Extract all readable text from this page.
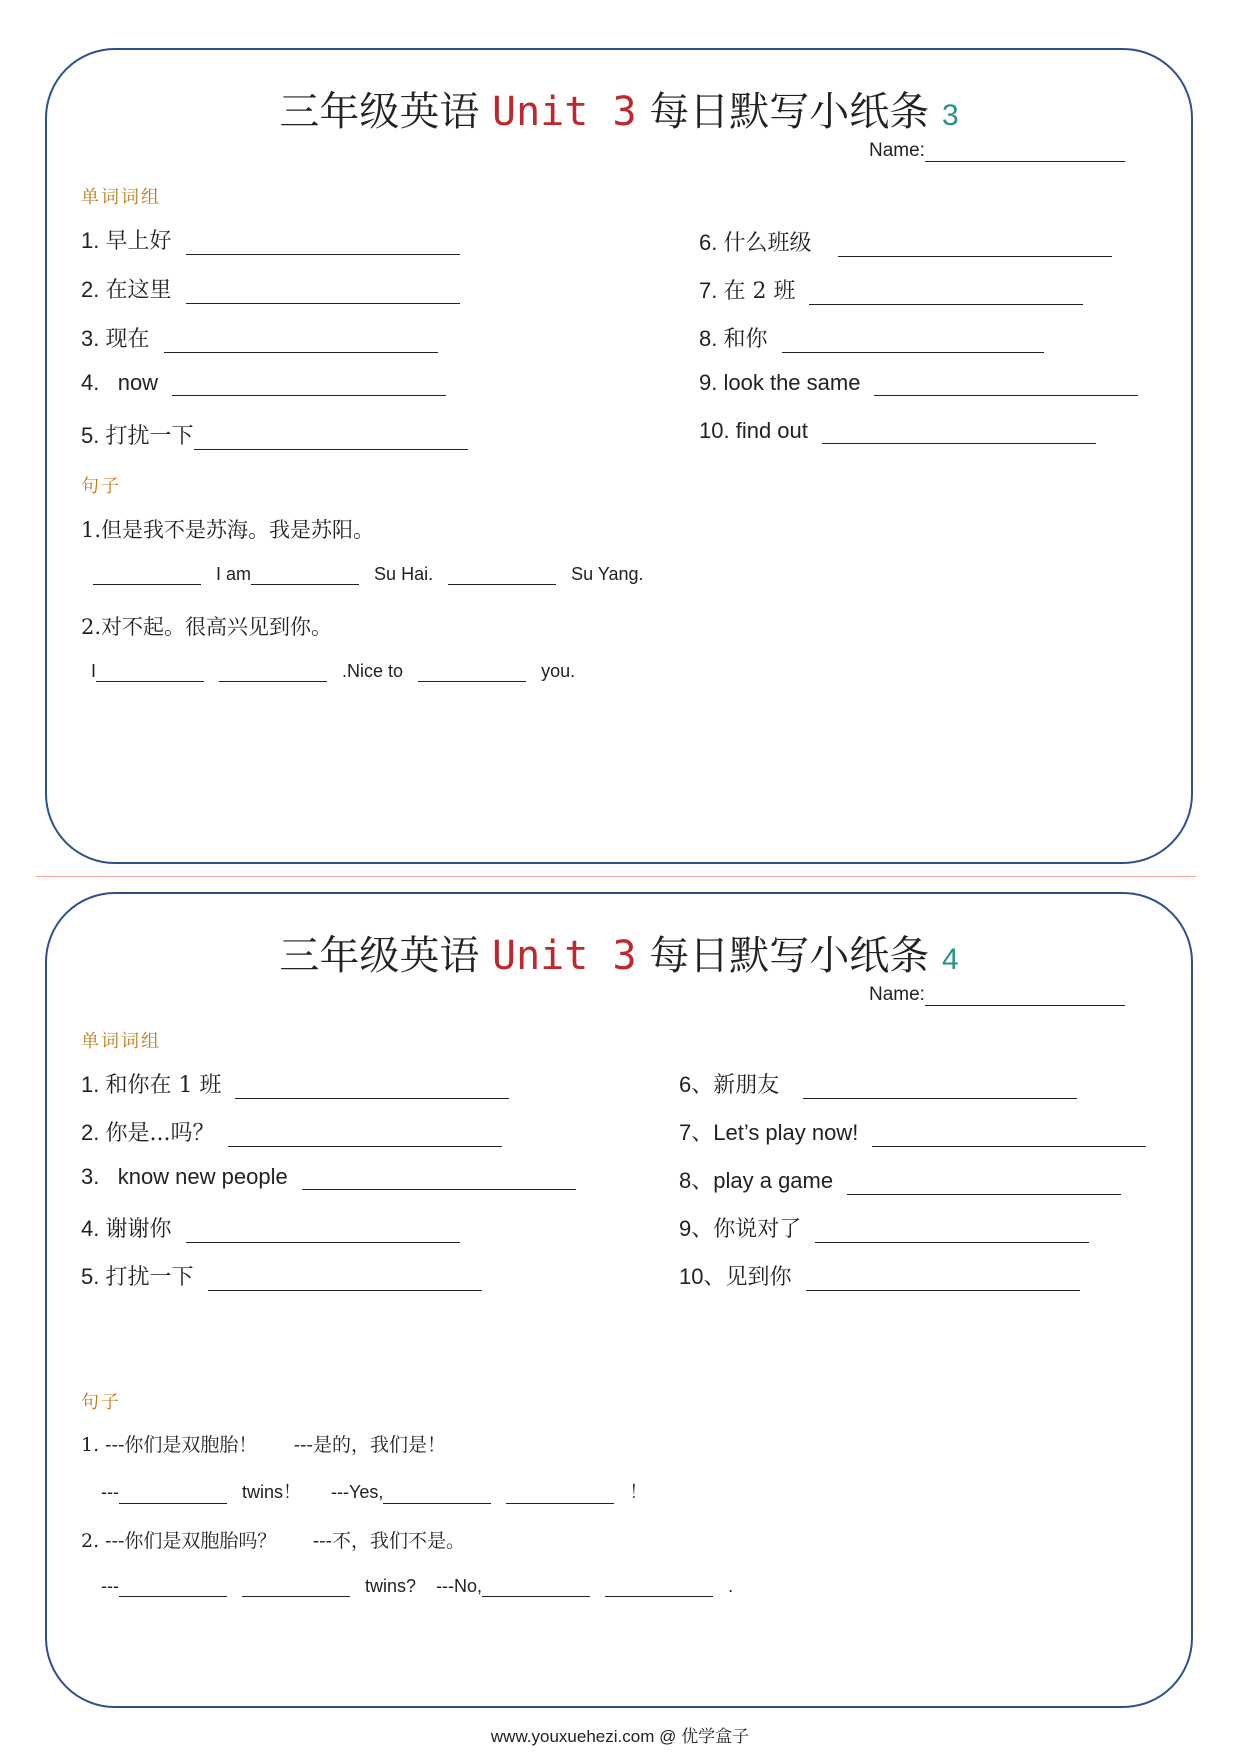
三年级英语 Unit 3 每日默写小纸条 3
Name:
单词词组
1. 早上好
2. 在这里
3. 现在
4. now
5. 打扰一下
6. 什么班级
7. 在 2 班
8. 和你
9. look the same
10. find out
句子
1.但是我不是苏海。我是苏阳。
I am	Su Hai.	Su Yang.
2.对不起。很高兴见到你。
I	.Nice to	you.
三年级英语 Unit 3 每日默写小纸条 4
Name:
单词词组
1. 和你在 1 班
2. 你是...吗？
3. know new people
4. 谢谢你
5. 打扰一下
6、新朋友
7、Let’s play now!
8、play a game
9、你说对了
10、见到你
句子
1. ---你们是双胞胎！ ---是的，我们是！
---	twins！ ---Yes,	！
2. ---你们是双胞胎吗？ ---不，我们不是。
---	twins? ---No,	.
www.youxuehezi.com @ 优学盒子
